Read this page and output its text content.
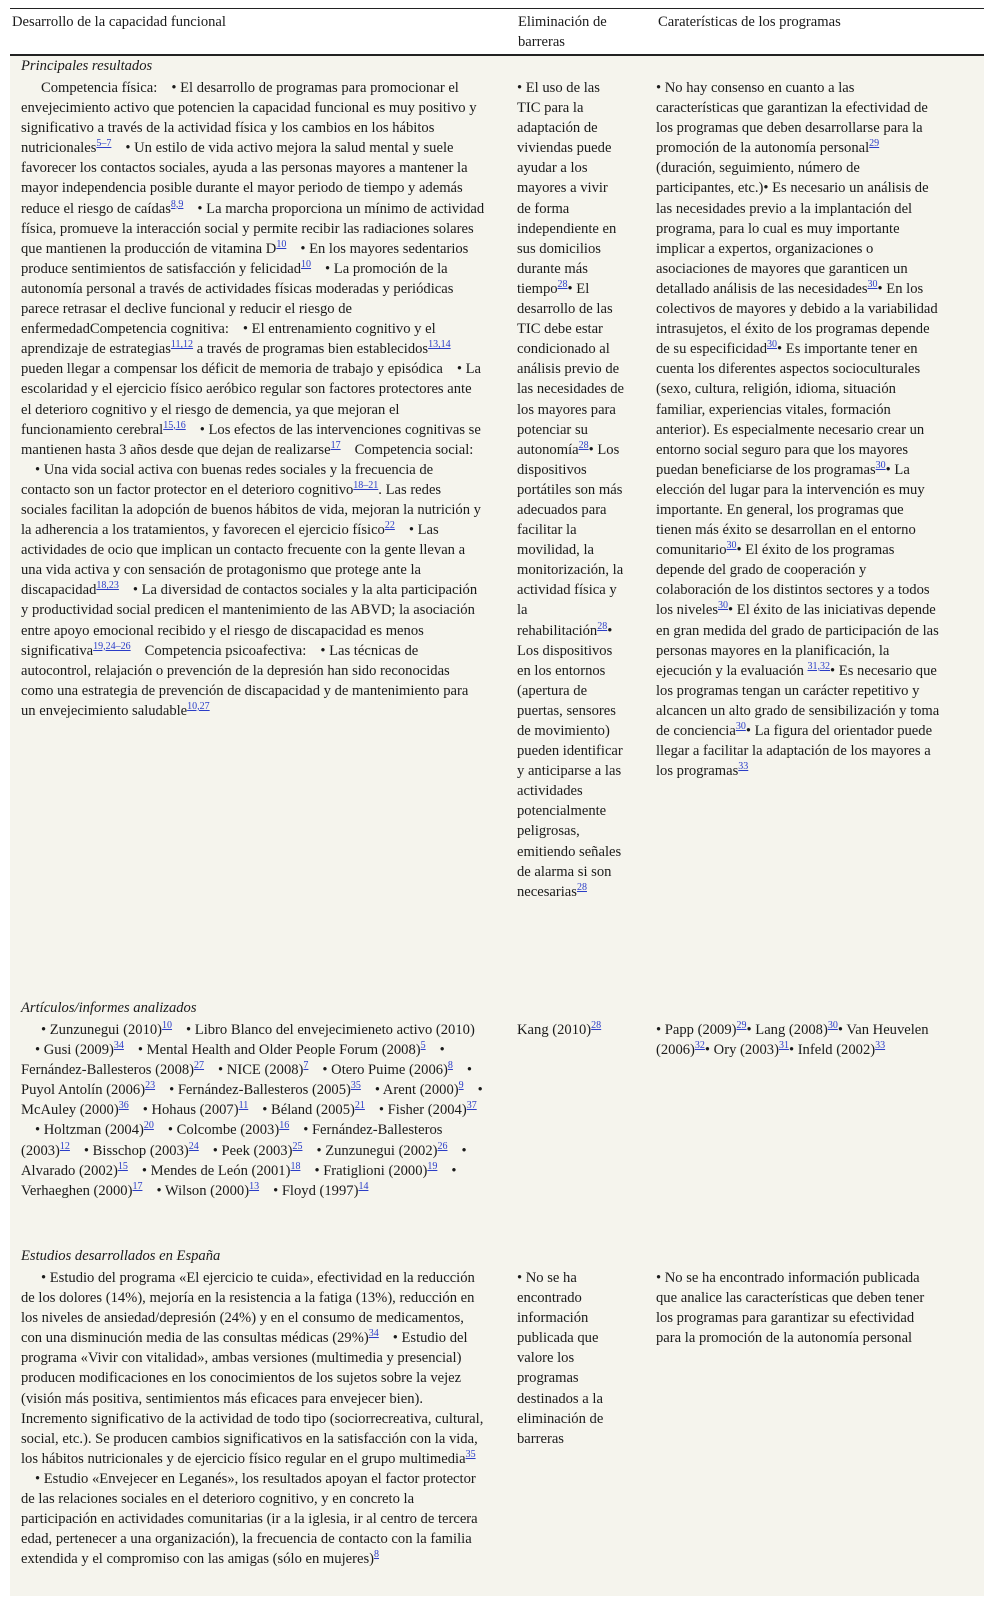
Desarrollo de la capacidad funcional	Eliminación de barreras
Caraterísticas de los programas
Principales resultados
Competencia física: • El desarrollo de programas para promocionar el envejecimiento activo que potencien la capacidad funcional es muy positivo y significativo a través de la actividad física y los cambios en los hábitos nutricionales$^{5-7}$ • Un estilo de vida activo mejora la salud mental y suele favorecer los contactos sociales, ayuda a las personas mayores a mantener la mayor independencia posible durante el mayor periodo de tiempo y además reduce el riesgo de caídas$^{8,9}$ • La marcha proporciona un mínimo de actividad física, promueve la interacción social y permite recibir las radiaciones solares que mantienen la producción de vitamina D$^{10}$ • En los mayores sedentarios produce sentimientos de satisfacción y felicidad$^{10}$ • La promoción de la autonomía personal a través de actividades físicas moderadas y periódicas parece retrasar el declive funcional y reducir el riesgo de enfermedadCompetencia cognitiva: • El entrenamiento cognitivo y el aprendizaje de estrategias$^{11,12}$ a través de programas bien establecidos$^{13,14}$ pueden llegar a compensar los déficit de memoria de trabajo y episódica • La escolaridad y el ejercicio físico aeróbico regular son factores protectores ante el deterioro cognitivo y el riesgo de demencia, ya que mejoran el funcionamiento cerebral$^{15,16}$ • Los efectos de las intervenciones cognitivas se mantienen hasta 3 años desde que dejan de realizarse$^{17}$ Competencia social:• Una vida social activa con buenas redes sociales y la frecuencia de contacto son un factor protector en el deterioro cognitivo$^{18-21}$. Las redes sociales facilitan la adopción de buenos hábitos de vida, mejoran la nutrición y la adherencia a los tratamientos, y favorecen el ejercicio físico$^{22}$ • Las actividades de ocio que implican un contacto frecuente con la gente llevan a una vida activa y con sensación de protagonismo que protege ante la discapacidad$^{18,23}$ • La diversidad de contactos sociales y la alta participación y productividad social predicen el mantenimiento de las ABVD; la asociación entre apoyo emocional recibido y el riesgo de discapacidad es menos significativa$^{19,24-26}$ Competencia psicoafectiva: • Las técnicas de autocontrol, relajación o prevención de la depresión han sido reconocidas como una estrategia de prevención de discapacidad y de mantenimiento para un envejecimiento saludable$^{10,27}$
• El uso de las TIC para la adaptación de viviendas puede ayudar a los mayores a vivir de forma independiente en sus domicilios durante más tiempo$^{28}$• El desarrollo de las TIC debe estar condicionado al análisis previo de las necesidades de los mayores para potenciar su autonomía$^{28}$• Los dispositivos portátiles son más adecuados para facilitar la movilidad, la monitorización, la actividad física y la rehabilitación$^{28}$• Los dispositivos en los entornos (apertura de puertas, sensores de movimiento) pueden identificar y anticiparse a las actividades potencialmente peligrosas, emitiendo señales de alarma si son necesarias$^{28}$
• No hay consenso en cuanto a las características que garantizan la efectividad de los programas que deben desarrollarse para la promoción de la autonomía personal$^{29}$ (duración, seguimiento, número de participantes, etc.)• Es necesario un análisis de las necesidades previo a la implantación del programa, para lo cual es muy importante implicar a expertos, organizaciones o asociaciones de mayores que garanticen un detallado análisis de las necesidades$^{30}$• En los colectivos de mayores y debido a la variabilidad intrasujetos, el éxito de los programas depende de su especificidad$^{30}$• Es importante tener en cuenta los diferentes aspectos socioculturales (sexo, cultura, religión, idioma, situación familiar, experiencias vitales, formación anterior). Es especialmente necesario crear un entorno social seguro para que los mayores puedan beneficiarse de los programas$^{30}$• La elección del lugar para la intervención es muy importante. En general, los programas que tienen más éxito se desarrollan en el entorno comunitario$^{30}$• El éxito de los programas depende del grado de cooperación y colaboración de los distintos sectores y a todos los niveles$^{30}$• El éxito de las iniciativas depende en gran medida del grado de participación de las personas mayores en la planificación, la ejecución y la evaluación $^{31,32}$• Es necesario que los programas tengan un carácter repetitivo y alcancen un alto grado de sensibilización y toma de conciencia$^{30}$• La figura del orientador puede llegar a facilitar la adaptación de los mayores a los programas$^{33}$
Artículos/informes analizados
• Zunzunegui (2010)$^{10}$ • Libro Blanco del envejecimieneto activo (2010)• Gusi (2009)$^{34}$ • Mental Health and Older People Forum (2008)$^5$ • Fernández-Ballesteros (2008)$^{27}$ • NICE (2008)$^7$ • Otero Puime (2006)$^8$ • Puyol Antolín (2006)$^{23}$ • Fernández-Ballesteros (2005)$^{35}$ • Arent (2000)$^9$ • McAuley (2000)$^{36}$ • Hohaus (2007)$^{11}$ • Béland (2005)$^{21}$ • Fisher (2004)$^{37}$• Holtzman (2004)$^{20}$ • Colcombe (2003)$^{16}$ • Fernández-Ballesteros (2003)$^{12}$ • Bisschop (2003)$^{24}$ • Peek (2003)$^{25}$ • Zunzunegui (2002)$^{26}$ • Alvarado (2002)$^{15}$ • Mendes de León (2001)$^{18}$ • Fratiglioni (2000)$^{19}$ • Verhaeghen (2000)$^{17}$ • Wilson (2000)$^{13}$ • Floyd (1997)$^{14}$
Kang (2010)$^{28}$	• Papp (2009)$^{29}$• Lang (2008)$^{30}$• Van Heuvelen (2006)$^{32}$• Ory (2003)$^{31}$• Infeld (2002)$^{33}$
Estudios desarrollados en España
• Estudio del programa «El ejercicio te cuida», efectividad en la reducción de los dolores (14%), mejoría en la resistencia a la fatiga (13%), reducción en los niveles de ansiedad/depresión (24%) y en el consumo de medicamentos, con una disminución media de las consultas médicas (29%)$^{34}$ • Estudio del programa «Vivir con vitalidad», ambas versiones (multimedia y presencial) producen modificaciones en los conocimientos de los sujetos sobre la vejez (visión más positiva, sentimientos más eficaces para envejecer bien). Incremento significativo de la actividad de todo tipo (sociorrecreativa, cultural, social, etc.). Se producen cambios significativos en la satisfacción con la vida, los hábitos nutricionales y de ejercicio físico regular en el grupo multimedia$^{35}$• Estudio «Envejecer en Leganés», los resultados apoyan el factor protector de las relaciones sociales en el deterioro cognitivo, y en concreto la participación en actividades comunitarias (ir a la iglesia, ir al centro de tercera edad, pertenecer a una organización), la frecuencia de contacto con la familia extendida y el compromiso con las amigas (sólo en mujeres)$^8$
• No se ha encontrado información publicada que valore los programas destinados a la eliminación de barreras
• No se ha encontrado información publicada que analice las características que deben tener los programas para garantizar su efectividad para la promoción de la autonomía personal
